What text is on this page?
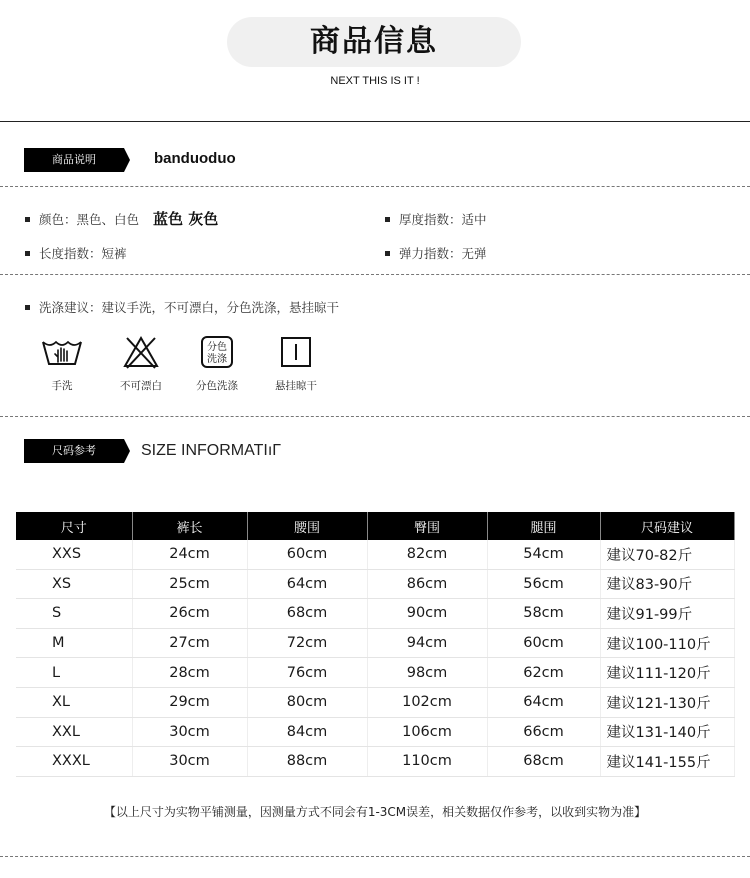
商品信息
NEXT THIS IS IT !
商品说明	banduoduo
颜色：黑色、白色 蓝色 灰色	厚度指数：适中
长度指数：短裤	弹力指数：无弹
洗涤建议：建议手洗，不可漂白，分色洗涤，悬挂晾干
手洗	不可漂白
分色
洗涤
分色洗涤	悬挂晾干
尺码参考	SIZE INFORMATIıГ
尺寸	裤长	腰围	臀围	腿围	尺码建议
XXS	24cm	60cm	82cm	54cm	建议70-82斤
XS	25cm	64cm	86cm	56cm	建议83-90斤
S	26cm	68cm	90cm	58cm	建议91-99斤
M	27cm	72cm	94cm	60cm	建议100-110斤
L	28cm	76cm	98cm	62cm	建议111-120斤
XL	29cm	80cm	102cm	64cm	建议121-130斤
XXL	30cm	84cm	106cm	66cm	建议131-140斤
XXXL	30cm	88cm	110cm	68cm	建议141-155斤
【以上尺寸为实物平铺测量，因测量方式不同会有1-3CM误差，相关数据仅作参考，以收到实物为准】
